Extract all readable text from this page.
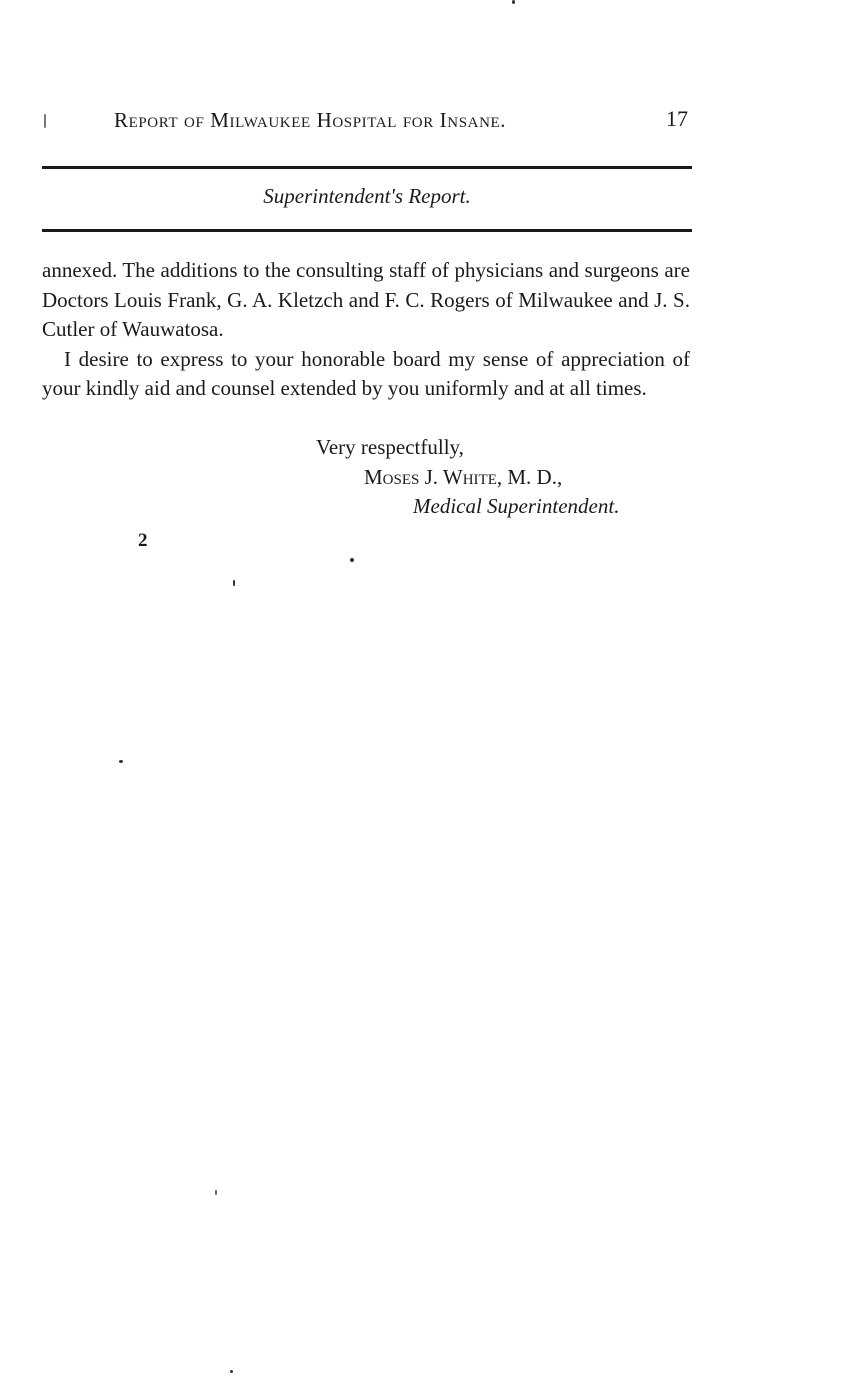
Report of Milwaukee Hospital for Insane.	17
Superintendent's Report.

annexed. The additions to the consulting staff of physicians and surgeons are Doctors Louis Frank, G. A. Kletzch and F. C. Rogers of Milwaukee and J. S. Cutler of Wauwatosa.

I desire to express to your honorable board my sense of appreciation of your kindly aid and counsel extended by you uniformly and at all times.

Very respectfully,
Moses J. White, M. D.,
Medical Superintendent.
2
